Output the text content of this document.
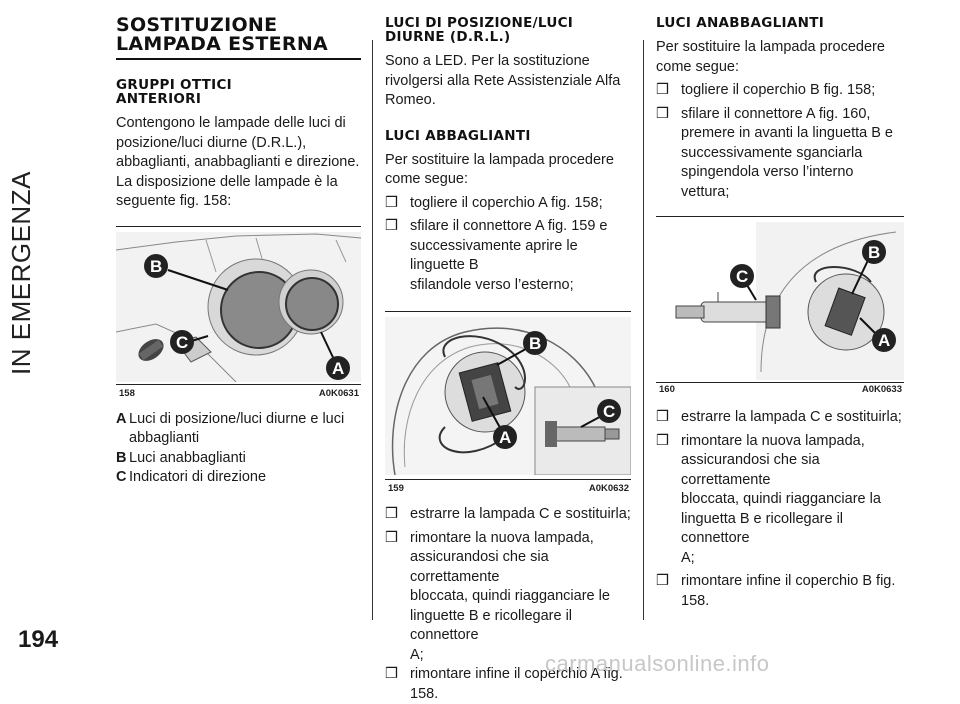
IN EMERGENZA
194
SOSTITUZIONE
LAMPADA ESTERNA
GRUPPI OTTICI
ANTERIORI
Contengono le lampade delle luci di
posizione/luci diurne (D.R.L.),
abbaglianti, anabbaglianti e direzione.
La disposizione delle lampade è la
seguente fig. 158:
B
C
A
158	A0K0631
A Luci di posizione/luci diurne e luci
abbaglianti
B Luci anabbaglianti
C Indicatori di direzione
LUCI DI POSIZIONE/LUCI
DIURNE (D.R.L.)
Sono a LED. Per la sostituzione
rivolgersi alla Rete Assistenziale Alfa
Romeo.
LUCI ABBAGLIANTI
Per sostituire la lampada procedere
come segue:
❒ togliere il coperchio A fig. 158;
❒ sfilare il connettore A fig. 159 e
successivamente aprire le linguette B
sfilandole verso l’esterno;
B
C
A
159	A0K0632
❒ estrarre la lampada C e sostituirla;
❒ rimontare la nuova lampada,
assicurandosi che sia correttamente
bloccata, quindi riagganciare le
linguette B e ricollegare il connettore
A;
❒ rimontare infine il coperchio A fig.
158.
LUCI ANABBAGLIANTI
Per sostituire la lampada procedere
come segue:
❒ togliere il coperchio B fig. 158;
❒ sfilare il connettore A fig. 160,
premere in avanti la linguetta B e
successivamente sganciarla
spingendola verso l’interno vettura;
B
C
A
160	A0K0633
❒ estrarre la lampada C e sostituirla;
❒ rimontare la nuova lampada,
assicurandosi che sia correttamente
bloccata, quindi riagganciare la
linguetta B e ricollegare il connettore
A;
❒ rimontare infine il coperchio B fig.
158.
carmanualsonline.info
